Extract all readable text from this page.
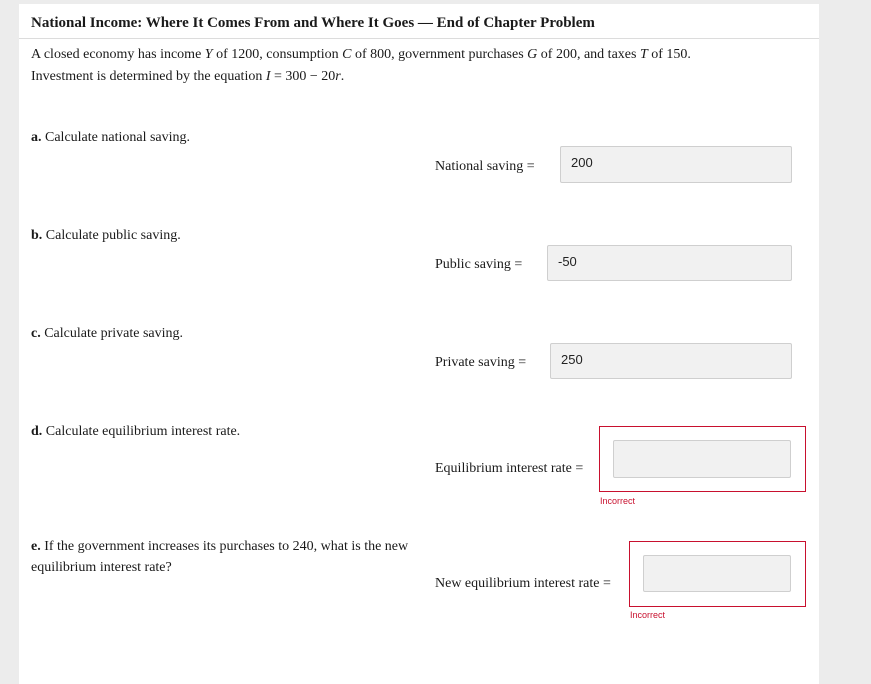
National Income: Where It Comes From and Where It Goes — End of Chapter Problem
A closed economy has income Y of 1200, consumption C of 800, government purchases G of 200, and taxes T of 150.
Investment is determined by the equation I = 300 − 20r.
a. Calculate national saving.
National saving =	200
b. Calculate public saving.
Public saving =	-50
c. Calculate private saving.
Private saving =	250
d. Calculate equilibrium interest rate.
Equilibrium interest rate =
Incorrect
e. If the government increases its purchases to 240, what is the new equilibrium interest rate?
New equilibrium interest rate =
Incorrect
